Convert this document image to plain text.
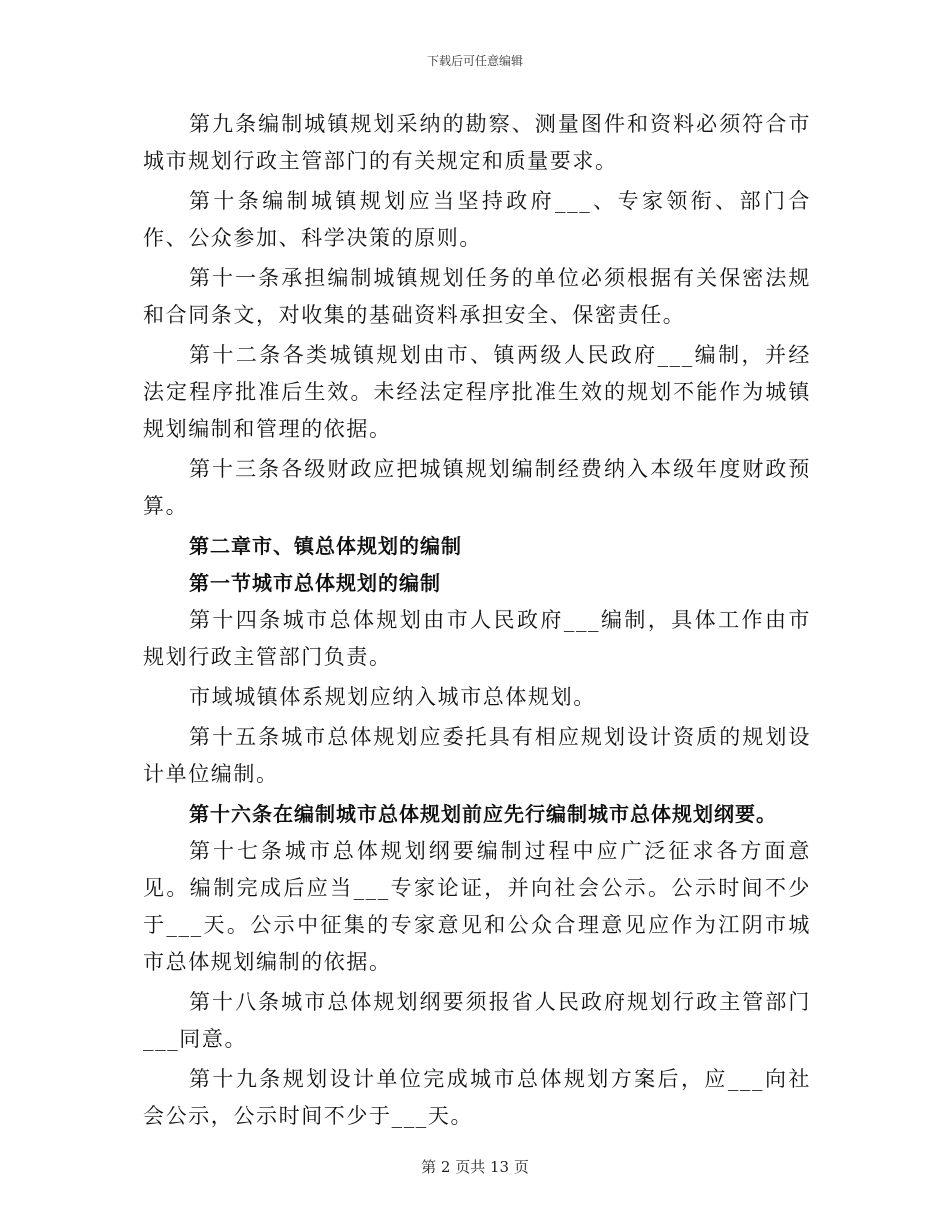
下载后可任意编辑

第九条编制城镇规划采纳的勘察、测量图件和资料必须符合市城市规划行政主管部门的有关规定和质量要求。

第十条编制城镇规划应当坚持政府___、专家领衔、部门合作、公众参加、科学决策的原则。

第十一条承担编制城镇规划任务的单位必须根据有关保密法规和合同条文，对收集的基础资料承担安全、保密责任。

第十二条各类城镇规划由市、镇两级人民政府___编制，并经法定程序批准后生效。未经法定程序批准生效的规划不能作为城镇规划编制和管理的依据。

第十三条各级财政应把城镇规划编制经费纳入本级年度财政预算。

第二章市、镇总体规划的编制

第一节城市总体规划的编制

第十四条城市总体规划由市人民政府___编制，具体工作由市规划行政主管部门负责。

市域城镇体系规划应纳入城市总体规划。

第十五条城市总体规划应委托具有相应规划设计资质的规划设计单位编制。

第十六条在编制城市总体规划前应先行编制城市总体规划纲要。

第十七条城市总体规划纲要编制过程中应广泛征求各方面意见。编制完成后应当___专家论证，并向社会公示。公示时间不少于___天。公示中征集的专家意见和公众合理意见应作为江阴市城市总体规划编制的依据。

第十八条城市总体规划纲要须报省人民政府规划行政主管部门___同意。

第十九条规划设计单位完成城市总体规划方案后，应___向社会公示，公示时间不少于___天。

第 2 页共 13 页
